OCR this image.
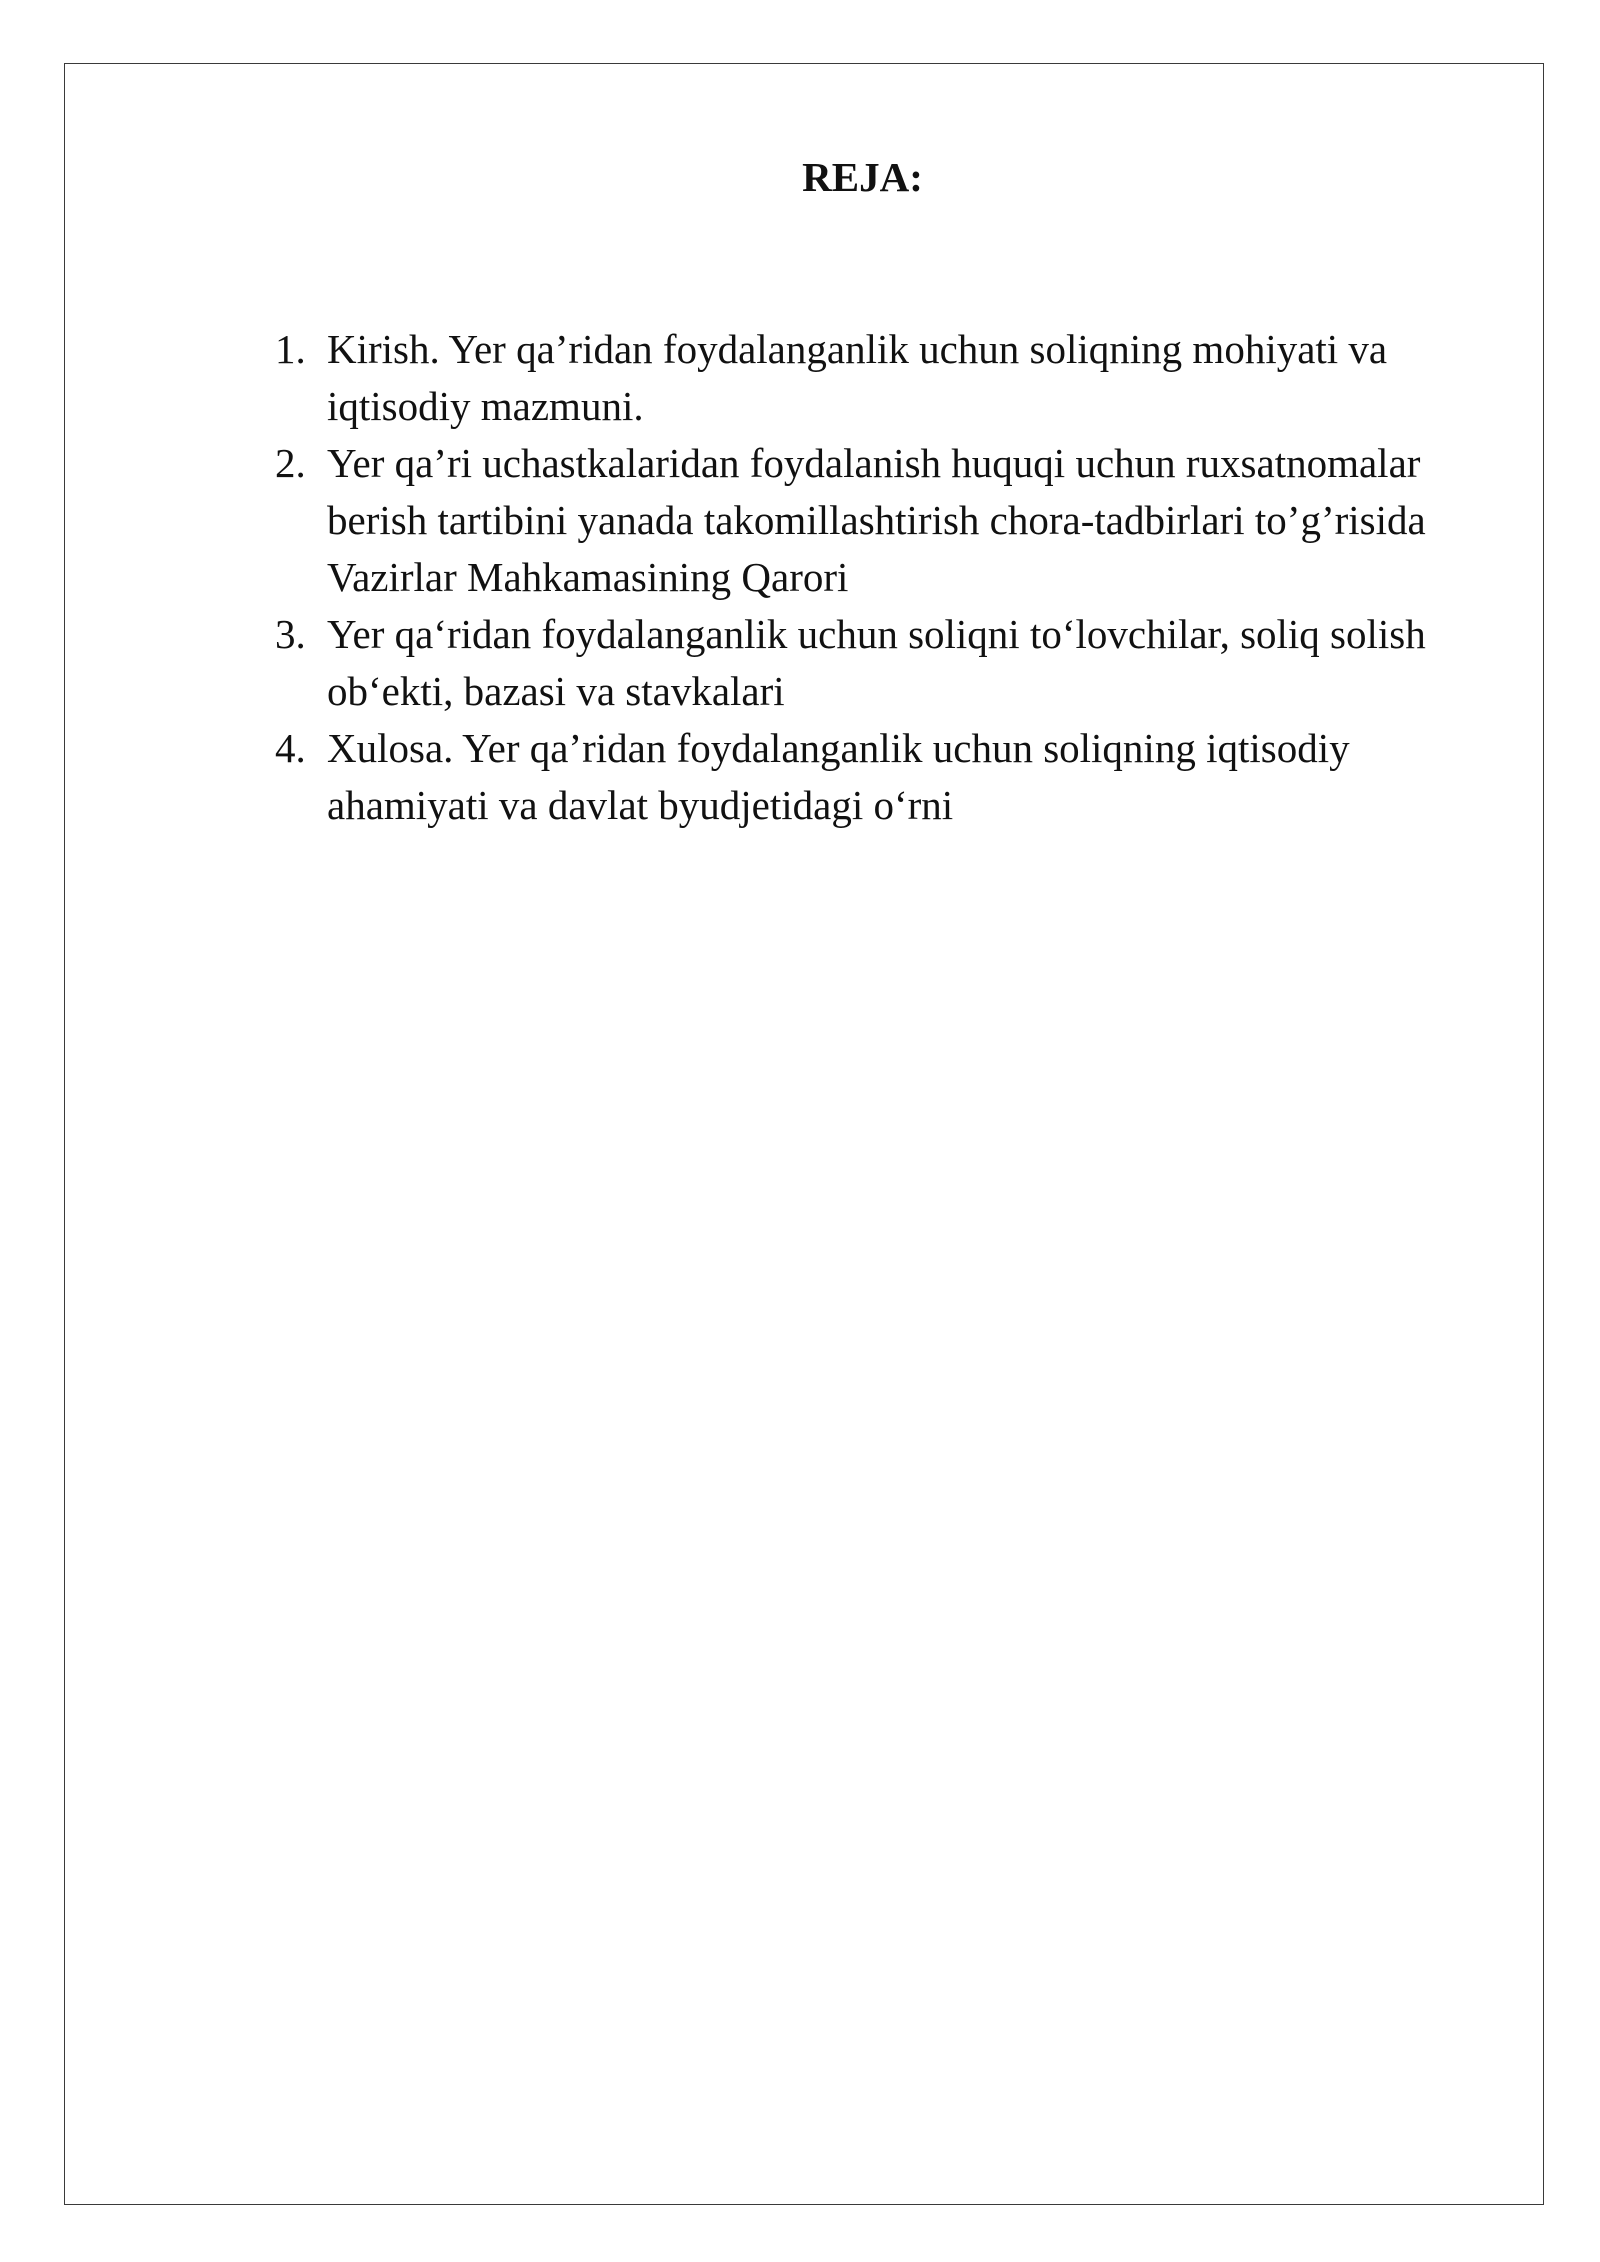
REJA:
1. Kirish. Yer qa’ridan foydalanganlik uchun soliqning mohiyati va iqtisodiy mazmuni.
2. Yer qa’ri uchastkalaridan foydalanish huquqi uchun ruxsatnomalar berish tartibini yanada takomillashtirish chora-tadbirlari to’g’risida Vazirlar Mahkamasining Qarori
3. Yer qa‘ridan foydalanganlik uchun soliqni to‘lovchilar, soliq solish ob‘ekti, bazasi va stavkalari
4. Xulosa. Yer qa’ridan foydalanganlik uchun soliqning iqtisodiy ahamiyati va davlat byudjetidagi o‘rni
